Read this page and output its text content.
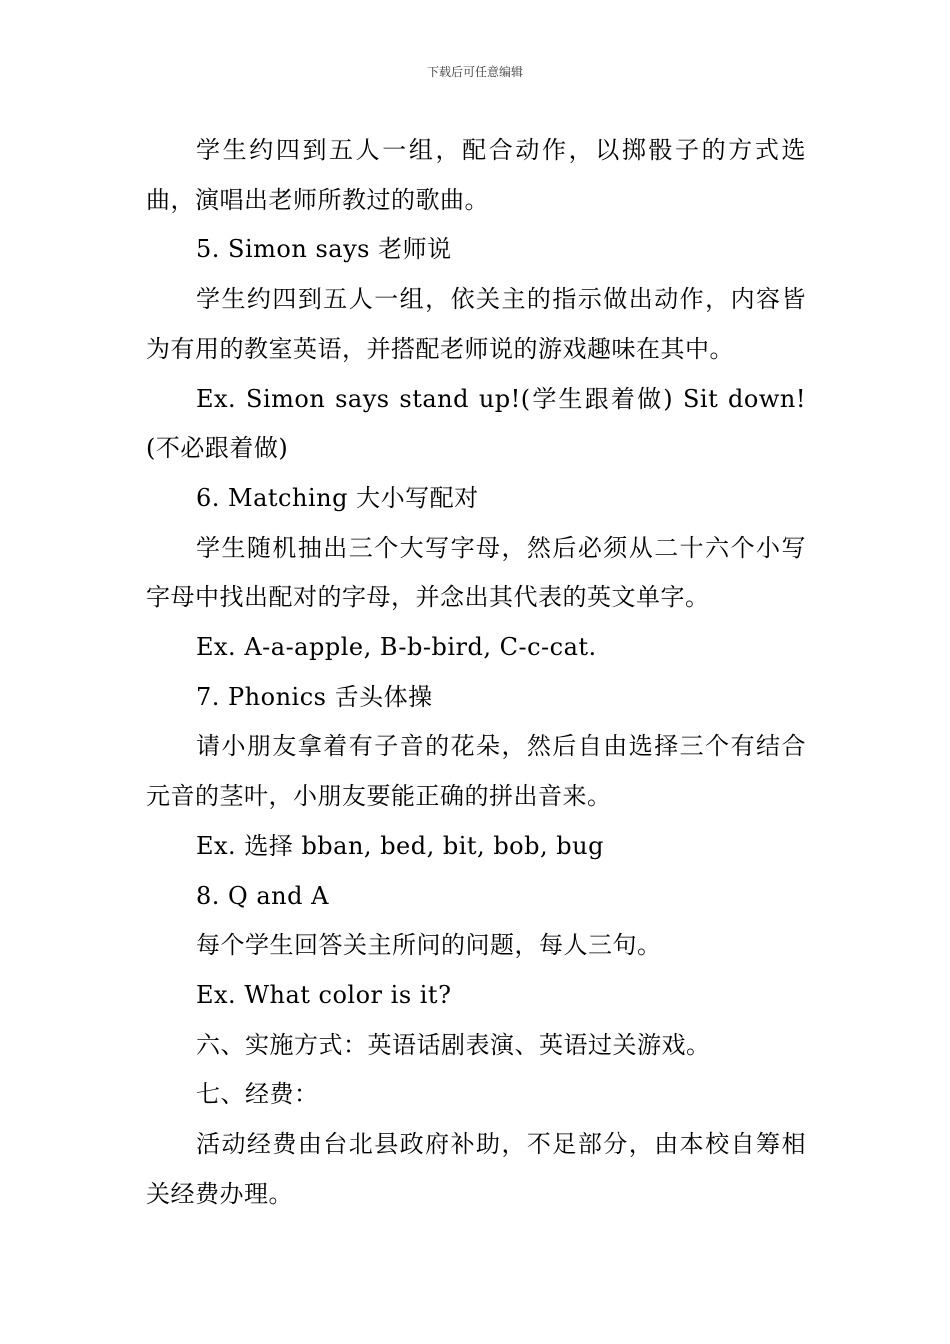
下载后可任意编辑

学生约四到五人一组，配合动作，以掷骰子的方式选曲，演唱出老师所教过的歌曲。

5. Simon says 老师说

学生约四到五人一组，依关主的指示做出动作，内容皆为有用的教室英语，并搭配老师说的游戏趣味在其中。

Ex. Simon says stand up!(学生跟着做) Sit down!(不必跟着做)

6. Matching 大小写配对

学生随机抽出三个大写字母，然后必须从二十六个小写字母中找出配对的字母，并念出其代表的英文单字。

Ex. A-a-apple, B-b-bird, C-c-cat.

7. Phonics 舌头体操

请小朋友拿着有子音的花朵，然后自由选择三个有结合元音的茎叶，小朋友要能正确的拼出音来。

Ex. 选择 bban, bed, bit, bob, bug

8. Q and A

每个学生回答关主所问的问题，每人三句。

Ex. What color is it?

六、实施方式：英语话剧表演、英语过关游戏。

七、经费：

活动经费由台北县政府补助，不足部分，由本校自筹相关经费办理。
